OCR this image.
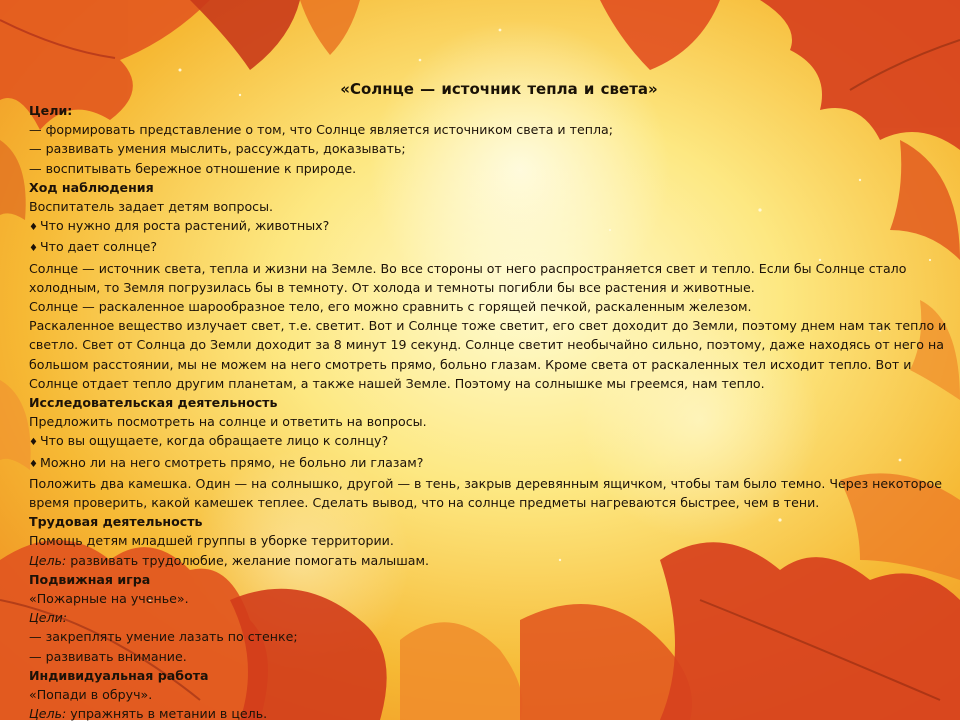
«Солнце — источник тепла и света»

Цели:

— формировать представление о том, что Солнце является источником света и тепла;

— развивать умения мыслить, рассуждать, доказывать;

— воспитывать бережное отношение к природе.

Ход наблюдения

Воспитатель задает детям вопросы.

♦ Что нужно для роста растений, животных?

♦ Что дает солнце?

Солнце — источник света, тепла и жизни на Земле. Во все стороны от него распространяется свет и тепло. Если бы Солнце стало холодным, то Земля погрузилась бы в темноту. От холода и темноты погибли бы все растения и животные.

Солнце — раскаленное шарообразное тело, его можно сравнить с горящей печкой, раскаленным железом.

Раскаленное вещество излучает свет, т.е. светит. Вот и Солнце тоже светит, его свет доходит до Земли, поэтому днем нам так тепло и светло. Свет от Солнца до Земли доходит за 8 минут 19 секунд. Солнце светит необычайно сильно, поэтому, даже находясь от него на большом расстоянии, мы не можем на него смотреть прямо, больно глазам. Кроме света от раскаленных тел исходит тепло. Вот и Солнце отдает тепло другим планетам, а также нашей Земле. Поэтому на солнышке мы греемся, нам тепло.

Исследовательская деятельность

Предложить посмотреть на солнце и ответить на вопросы.

♦ Что вы ощущаете, когда обращаете лицо к солнцу?

♦ Можно ли на него смотреть прямо, не больно ли глазам?

Положить два камешка. Один — на солнышко, другой — в тень, закрыв деревянным ящичком, чтобы там было темно. Через некоторое время проверить, какой камешек теплее. Сделать вывод, что на солнце предметы нагреваются быстрее, чем в тени.

Трудовая деятельность

Помощь детям младшей группы в уборке территории.

Цель: развивать трудолюбие, желание помогать малышам.

Подвижная игра

«Пожарные на ученье».

Цели:

— закреплять умение лазать по стенке;

— развивать внимание.

Индивидуальная работа

«Попади в обруч».

Цель: упражнять в метании в цель.
